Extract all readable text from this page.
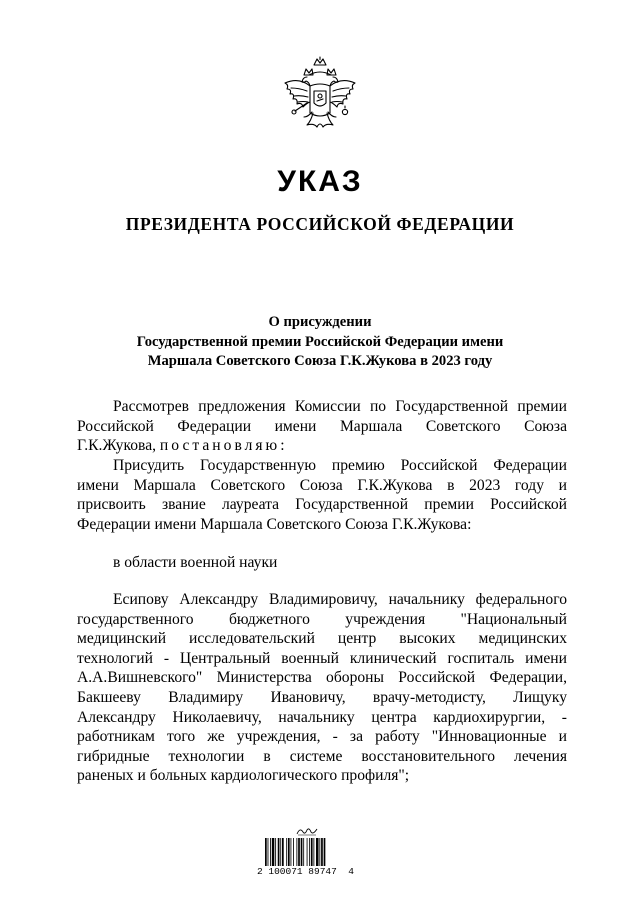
УКАЗ
ПРЕЗИДЕНТА РОССИЙСКОЙ ФЕДЕРАЦИИ
О присуждении
Государственной премии Российской Федерации имени
Маршала Советского Союза Г.К.Жукова в 2023 году
Рассмотрев предложения Комиссии по Государственной премии
Российской Федерации имени Маршала Советского Союза
Г.К.Жукова, постановляю:
Присудить Государственную премию Российской Федерации
имени Маршала Советского Союза Г.К.Жукова в 2023 году и
присвоить звание лауреата Государственной премии Российской
Федерации имени Маршала Советского Союза Г.К.Жукова:
в области военной науки
Есипову Александру Владимировичу, начальнику федерального
государственного бюджетного учреждения "Национальный
медицинский исследовательский центр высоких медицинских
технологий - Центральный военный клинический госпиталь имени
А.А.Вишневского" Министерства обороны Российской Федерации,
Бакшееву Владимиру Ивановичу, врачу-методисту, Лищуку
Александру Николаевичу, начальнику центра кардиохирургии, -
работникам того же учреждения, - за работу "Инновационные и
гибридные технологии в системе восстановительного лечения
раненых и больных кардиологического профиля";
2 100071 89747  4
